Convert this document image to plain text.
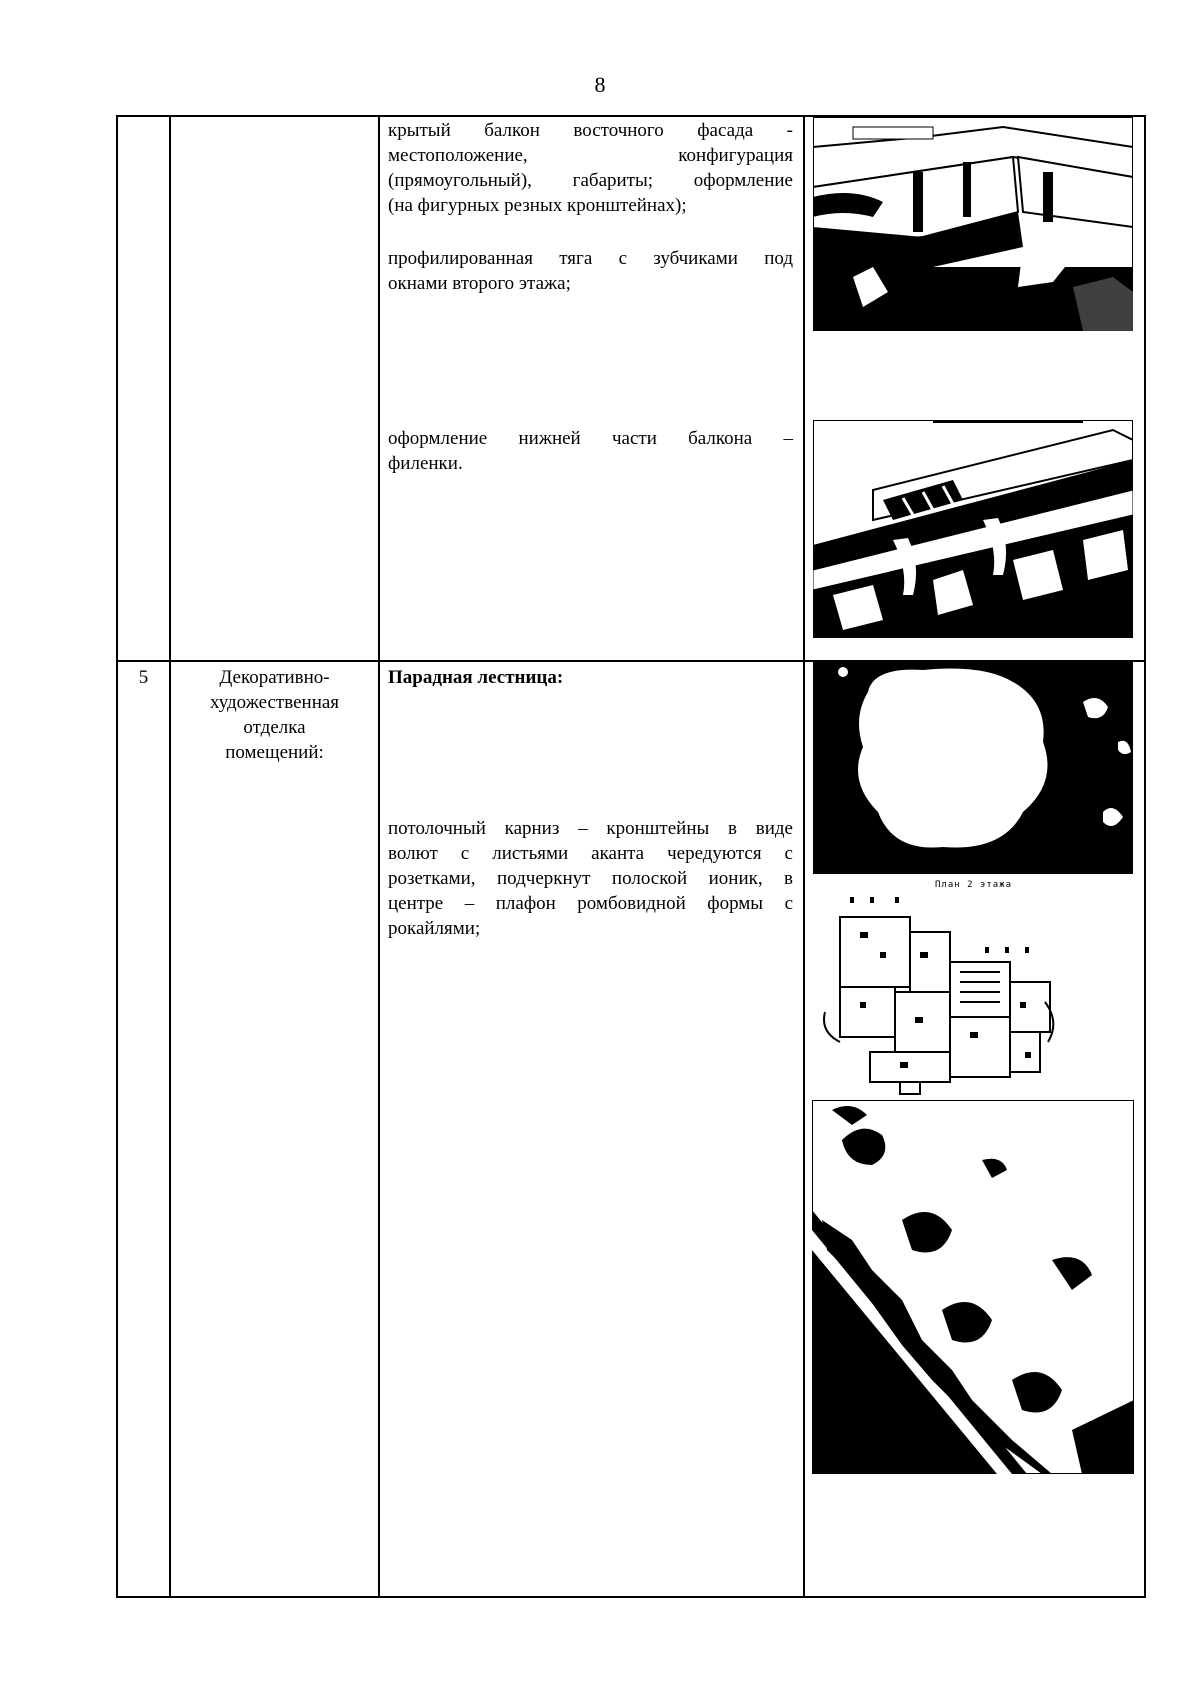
8
крытый балкон восточного фасада -
местоположение, конфигурация
(прямоугольный), габариты; оформление
(на фигурных резных кронштейнах);
профилированная тяга с зубчиками под
окнами второго этажа;
оформление нижней части балкона –
филенки.
5	Декоративно-
художественная
отделка
помещений:
Парадная лестница:
потолочный карниз – кронштейны в виде
волют с листьями аканта чередуются с
розетками, подчеркнут полоской ионик, в
центре – плафон ромбовидной формы с
рокайлями;
План 2 этажа
